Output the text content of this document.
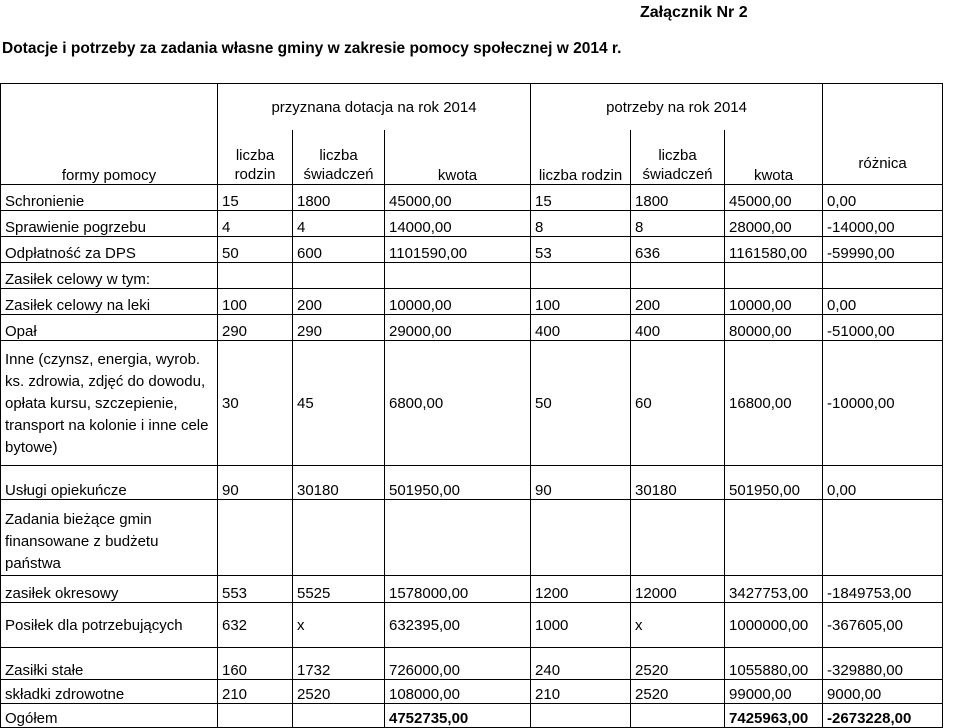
Załącznik Nr 2
Dotacje i potrzeby za zadania własne gminy w zakresie pomocy społecznej w 2014 r.
	przyznana dotacja na rok 2014			potrzeby na rok 2014			
formy pomocy	liczba rodzin	liczba świadczeń	kwota	liczba rodzin	liczba świadczeń	kwota	różnica
Schronienie	15	1800	45000,00	15	1800	45000,00	0,00
Sprawienie pogrzebu	4	4	14000,00	8	8	28000,00	-14000,00
Odpłatność za DPS	50	600	1101590,00	53	636	1161580,00	-59990,00
Zasiłek celowy w tym:							
Zasiłek celowy na leki	100	200	10000,00	100	200	10000,00	0,00
Opał	290	290	29000,00	400	400	80000,00	-51000,00
Inne (czynsz, energia, wyrob. ks. zdrowia, zdjęć do dowodu, opłata kursu, szczepienie, transport na kolonie i inne cele bytowe)	30	45	6800,00	50	60	16800,00	-10000,00
Usługi opiekuńcze	90	30180	501950,00	90	30180	501950,00	0,00
Zadania bieżące gmin finansowane z budżetu państwa							
zasiłek okresowy	553	5525	1578000,00	1200	12000	3427753,00	-1849753,00
Posiłek dla potrzebujących	632	x	632395,00	1000	x	1000000,00	-367605,00
Zasiłki stałe	160	1732	726000,00	240	2520	1055880,00	-329880,00
składki zdrowotne	210	2520	108000,00	210	2520	99000,00	9000,00
Ogółem			4752735,00			7425963,00	-2673228,00
